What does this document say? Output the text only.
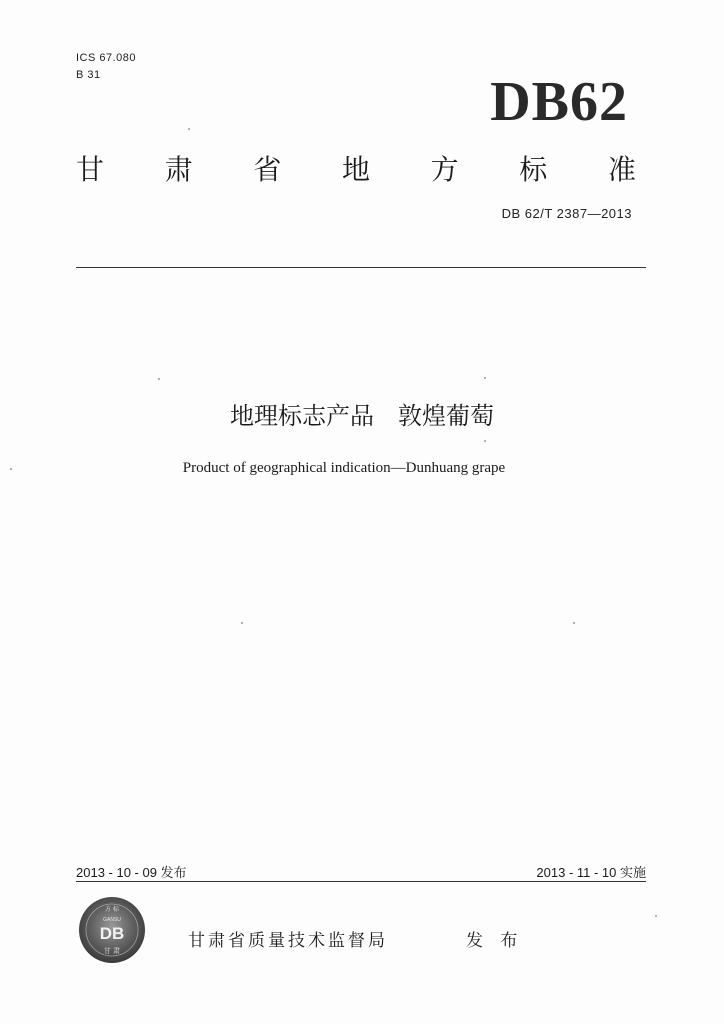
ICS 67.080
B 31	DB62
甘 肃 省 地 方 标 准
DB 62/T 2387—2013
地理标志产品　敦煌葡萄
Product of geographical indication—Dunhuang grape
2013 - 10 - 09 发布	2013 - 11 - 10 实施
方 标
GANSU
DB
甘 肃	甘肃省质量技术监督局	发 布
